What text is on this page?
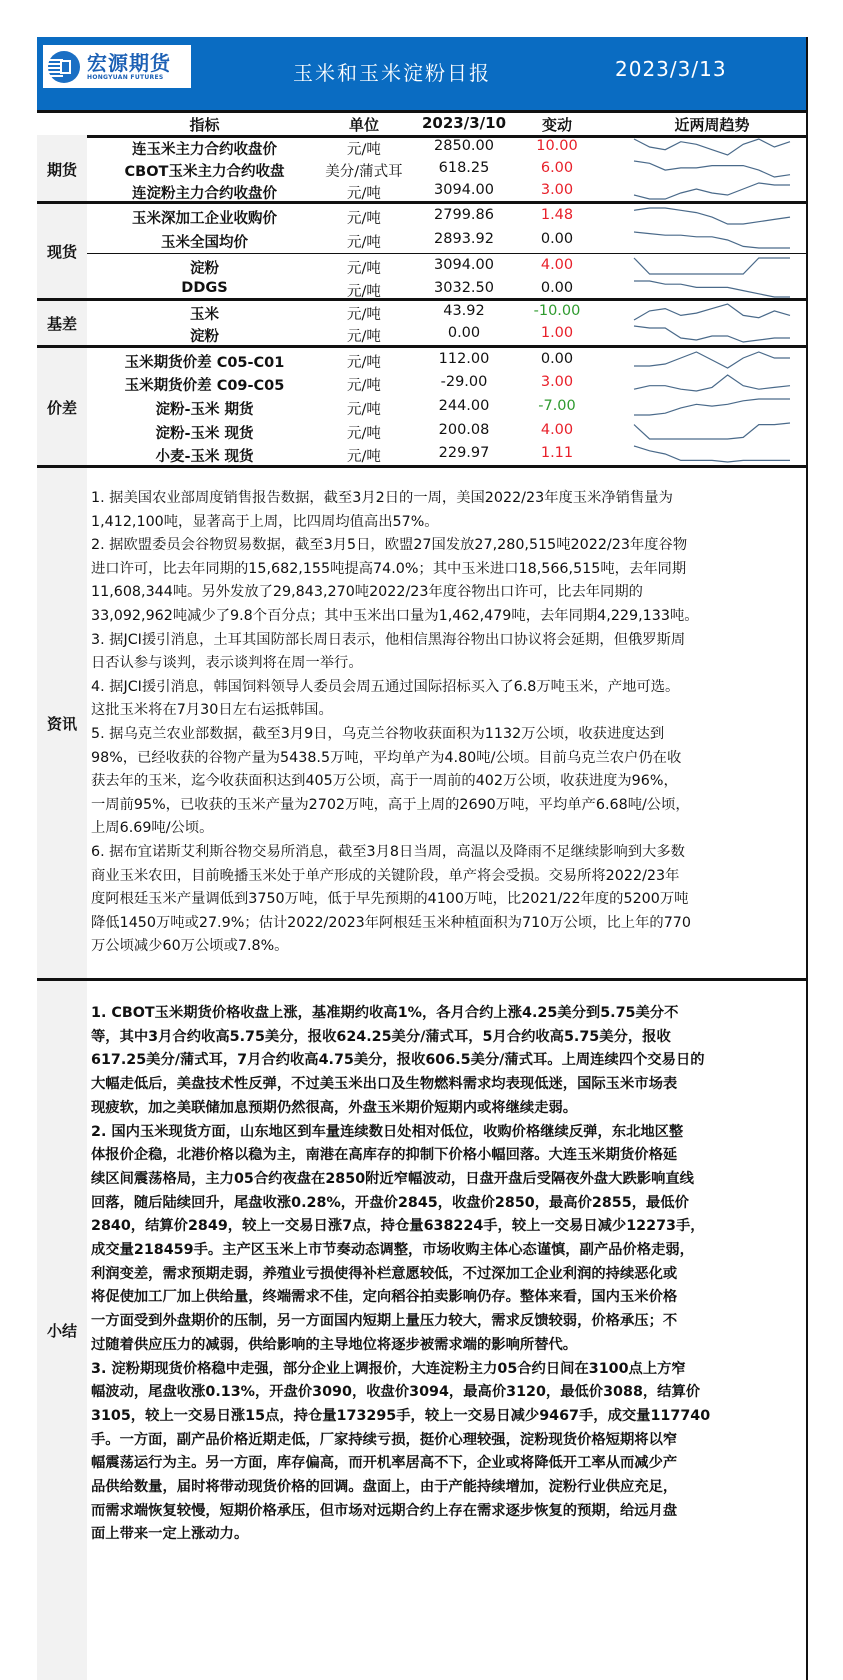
宏源期货
HONGYUAN FUTURES	玉米和玉米淀粉日报	2023/3/13
指标	单位	2023/3/10	变动	近两周趋势
期货
连玉米主力合约收盘价	元/吨	2850.00	10.00
CBOT玉米主力合约收盘	美分/蒲式耳	618.25	6.00
连淀粉主力合约收盘价	元/吨	3094.00	3.00
现货
玉米深加工企业收购价	元/吨	2799.86	1.48
玉米全国均价	元/吨	2893.92	0.00
淀粉	元/吨	3094.00	4.00
DDGS	元/吨	3032.50	0.00
基差	玉米	元/吨	43.92	-10.00
淀粉	元/吨	0.00	1.00
价差
玉米期货价差 C05-C01	元/吨	112.00	0.00
玉米期货价差 C09-C05	元/吨	-29.00	3.00
淀粉-玉米 期货	元/吨	244.00	-7.00
淀粉-玉米 现货	元/吨	200.08	4.00
小麦-玉米 现货	元/吨	229.97	1.11
资讯
1. 据美国农业部周度销售报告数据，截至3月2日的一周，美国2022/23年度玉米净销售量为
1,412,100吨，显著高于上周，比四周均值高出57%。
2. 据欧盟委员会谷物贸易数据，截至3月5日，欧盟27国发放27,280,515吨2022/23年度谷物
进口许可，比去年同期的15,682,155吨提高74.0%；其中玉米进口18,566,515吨，去年同期
11,608,344吨。另外发放了29,843,270吨2022/23年度谷物出口许可，比去年同期的
33,092,962吨减少了9.8个百分点；其中玉米出口量为1,462,479吨，去年同期4,229,133吨。
3. 据JCI援引消息，土耳其国防部长周日表示，他相信黑海谷物出口协议将会延期，但俄罗斯周
日否认参与谈判，表示谈判将在周一举行。
4. 据JCI援引消息，韩国饲料领导人委员会周五通过国际招标买入了6.8万吨玉米，产地可选。
这批玉米将在7月30日左右运抵韩国。
5. 据乌克兰农业部数据，截至3月9日，乌克兰谷物收获面积为1132万公顷，收获进度达到
98%，已经收获的谷物产量为5438.5万吨，平均单产为4.80吨/公顷。目前乌克兰农户仍在收
获去年的玉米，迄今收获面积达到405万公顷，高于一周前的402万公顷，收获进度为96%，
一周前95%，已收获的玉米产量为2702万吨，高于上周的2690万吨，平均单产6.68吨/公顷，
上周6.69吨/公顷。
6. 据布宜诺斯艾利斯谷物交易所消息，截至3月8日当周，高温以及降雨不足继续影响到大多数
商业玉米农田，目前晚播玉米处于单产形成的关键阶段，单产将会受损。交易所将2022/23年
度阿根廷玉米产量调低到3750万吨，低于早先预期的4100万吨，比2021/22年度的5200万吨
降低1450万吨或27.9%；估计2022/2023年阿根廷玉米种植面积为710万公顷，比上年的770
万公顷减少60万公顷或7.8%。
小结
1. CBOT玉米期货价格收盘上涨，基准期约收高1%，各月合约上涨4.25美分到5.75美分不
等，其中3月合约收高5.75美分，报收624.25美分/蒲式耳，5月合约收高5.75美分，报收
617.25美分/蒲式耳，7月合约收高4.75美分，报收606.5美分/蒲式耳。上周连续四个交易日的
大幅走低后，美盘技术性反弹，不过美玉米出口及生物燃料需求均表现低迷，国际玉米市场表
现疲软，加之美联储加息预期仍然很高，外盘玉米期价短期内或将继续走弱。
2. 国内玉米现货方面，山东地区到车量连续数日处相对低位，收购价格继续反弹，东北地区整
体报价企稳，北港价格以稳为主，南港在高库存的抑制下价格小幅回落。大连玉米期货价格延
续区间震荡格局，主力05合约夜盘在2850附近窄幅波动，日盘开盘后受隔夜外盘大跌影响直线
回落，随后陆续回升，尾盘收涨0.28%，开盘价2845，收盘价2850，最高价2855，最低价
2840，结算价2849，较上一交易日涨7点，持仓量638224手，较上一交易日减少12273手，
成交量218459手。主产区玉米上市节奏动态调整，市场收购主体心态谨慎，副产品价格走弱，
利润变差，需求预期走弱，养殖业亏损使得补栏意愿较低，不过深加工企业利润的持续恶化或
将促使加工厂加上供给量，终端需求不佳，定向稻谷拍卖影响仍存。整体来看，国内玉米价格
一方面受到外盘期价的压制，另一方面国内短期上量压力较大，需求反馈较弱，价格承压；不
过随着供应压力的减弱，供给影响的主导地位将逐步被需求端的影响所替代。
3. 淀粉期现货价格稳中走强，部分企业上调报价，大连淀粉主力05合约日间在3100点上方窄
幅波动，尾盘收涨0.13%，开盘价3090，收盘价3094，最高价3120，最低价3088，结算价
3105，较上一交易日涨15点，持仓量173295手，较上一交易日减少9467手，成交量117740
手。一方面，副产品价格近期走低，厂家持续亏损，挺价心理较强，淀粉现货价格短期将以窄
幅震荡运行为主。另一方面，库存偏高，而开机率居高不下，企业或将降低开工率从而减少产
品供给数量，届时将带动现货价格的回调。盘面上，由于产能持续增加，淀粉行业供应充足，
而需求端恢复较慢，短期价格承压，但市场对远期合约上存在需求逐步恢复的预期，给远月盘
面上带来一定上涨动力。
